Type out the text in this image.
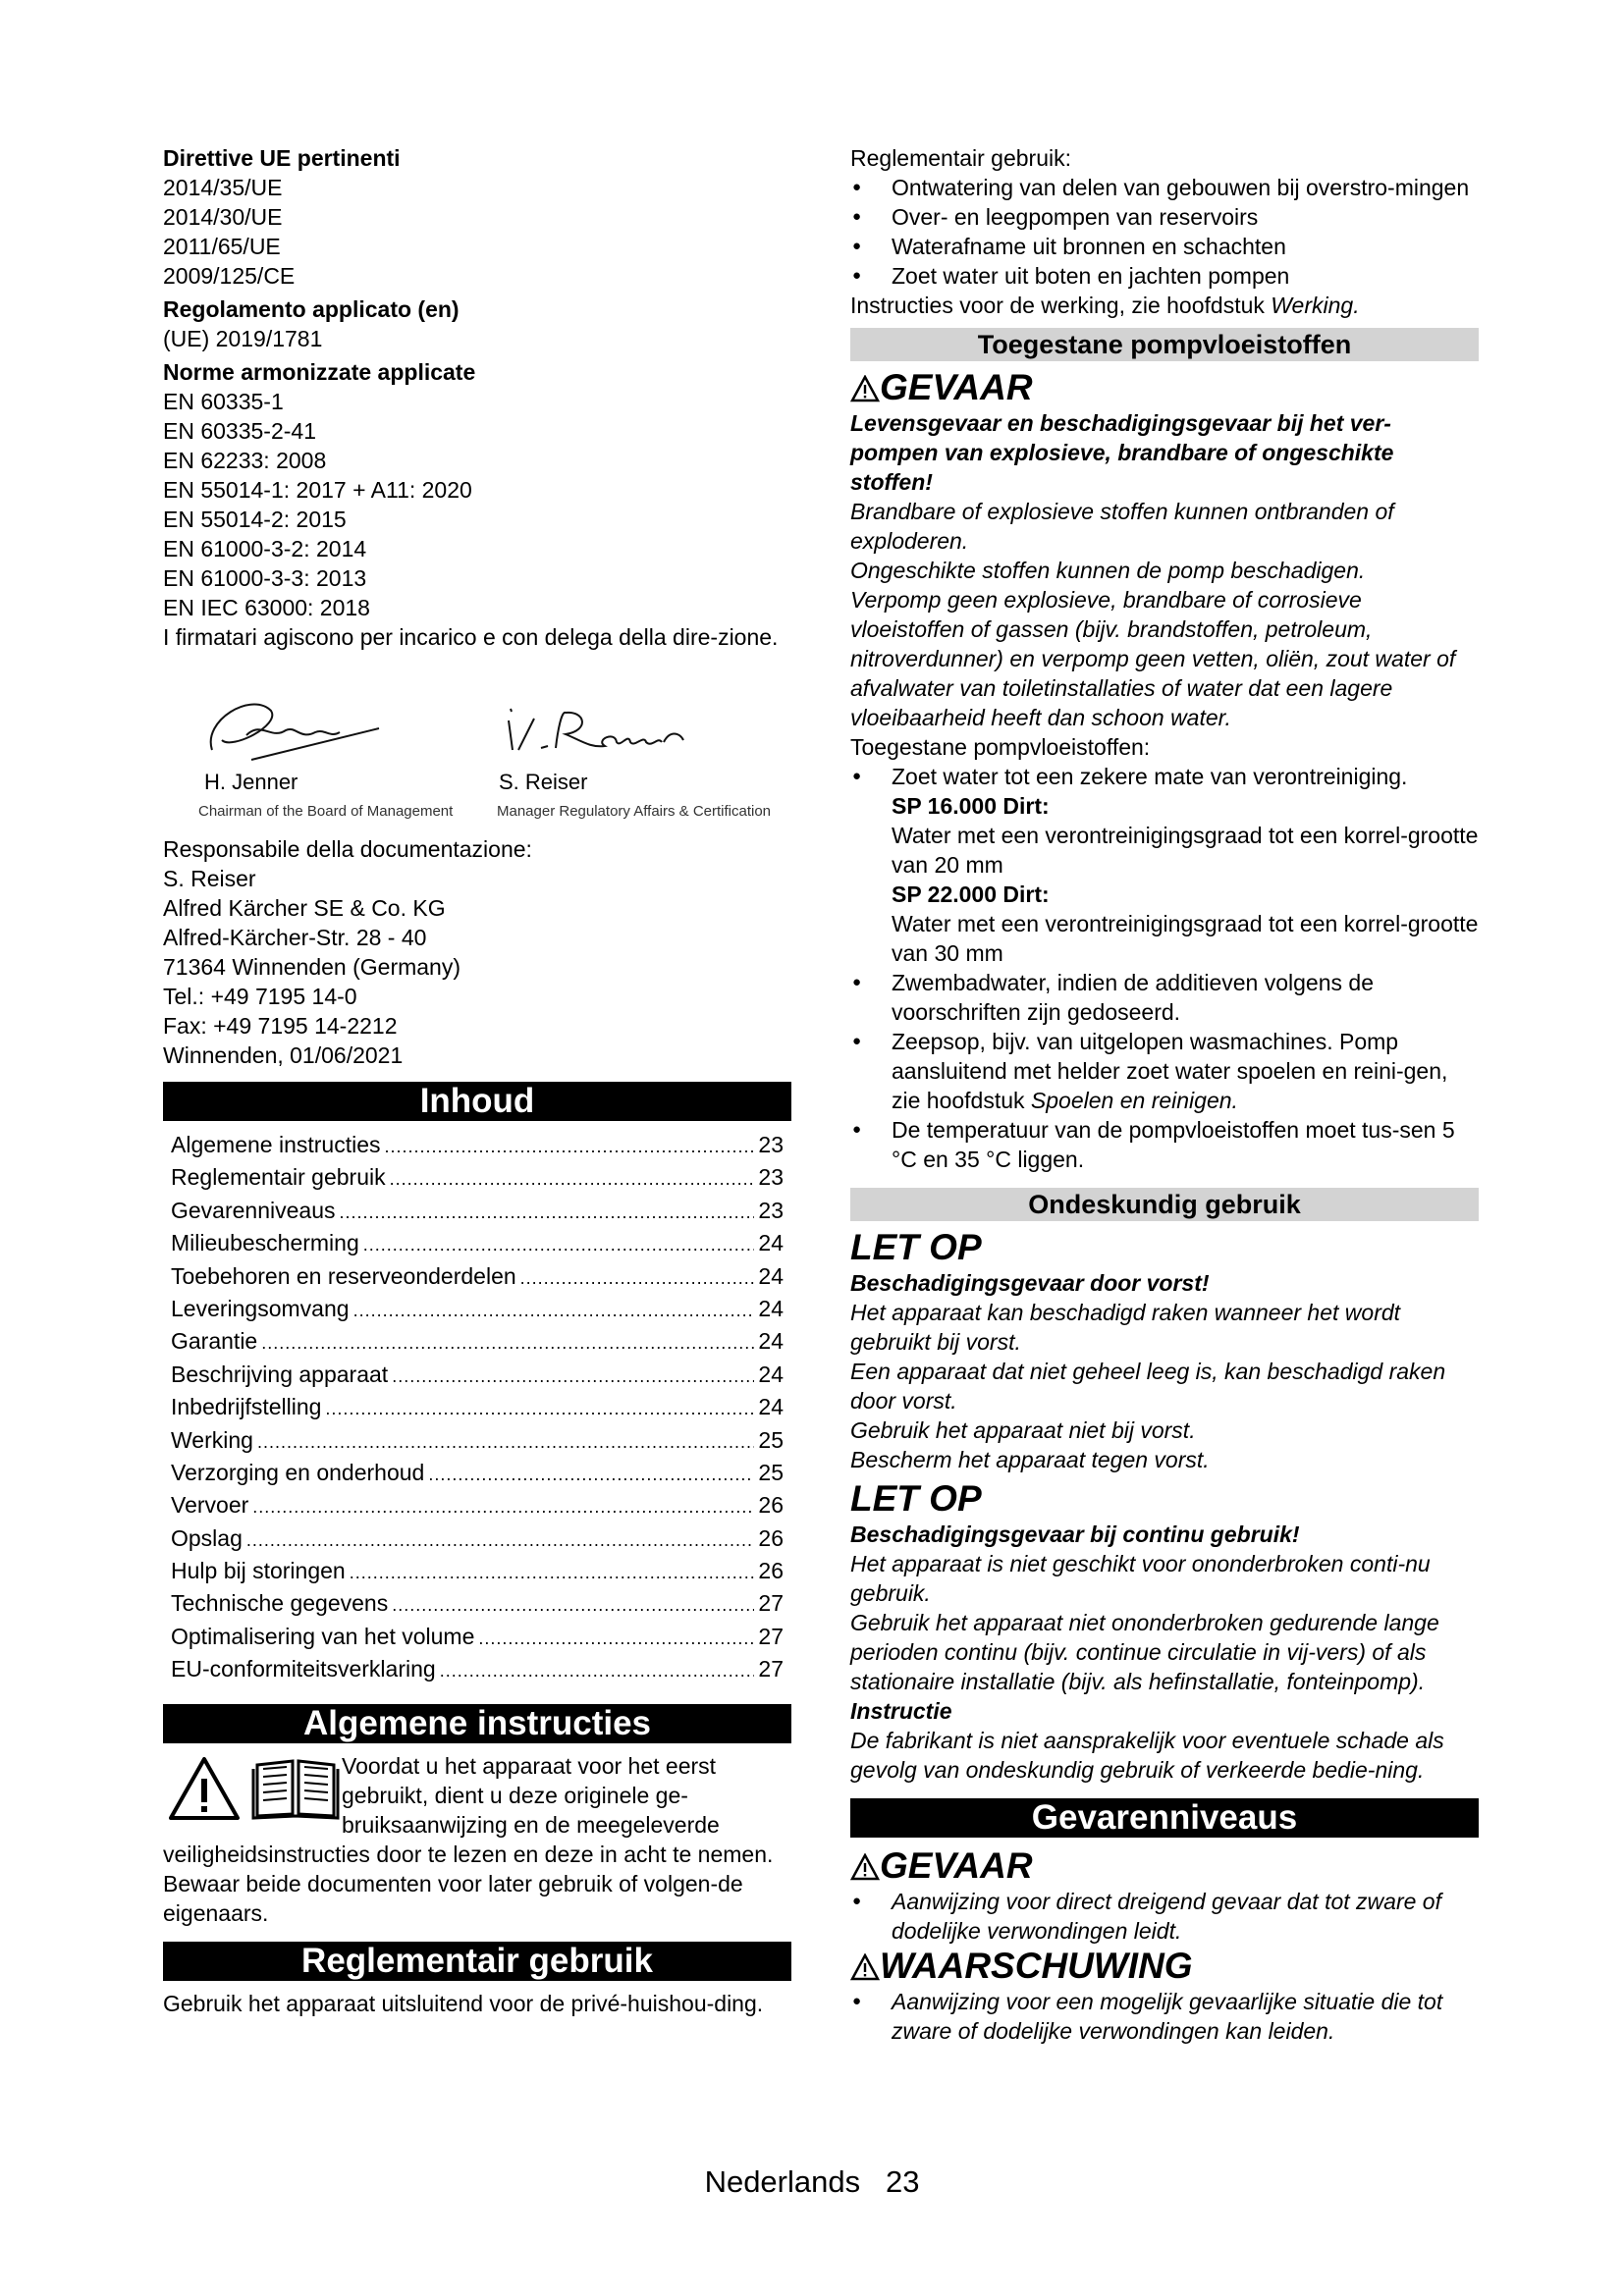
Direttive UE pertinenti

2014/35/UE

2014/30/UE

2011/65/UE

2009/125/CE

Regolamento applicato (en)

(UE) 2019/1781

Norme armonizzate applicate

EN 60335-1

EN 60335-2-41

EN 62233: 2008

EN 55014-1: 2017 + A11: 2020

EN 55014-2: 2015

EN 61000-3-2: 2014

EN 61000-3-3: 2013

EN IEC 63000: 2018

I firmatari agiscono per incarico e con delega della dire-zione.

H. Jenner
Chairman of the Board of Management
S. Reiser
Manager Regulatory Affairs & Certification

Responsabile della documentazione:

S. Reiser

Alfred Kärcher SE & Co. KG

Alfred-Kärcher-Str. 28 - 40

71364 Winnenden (Germany)

Tel.: +49 7195 14-0

Fax: +49 7195 14-2212

Winnenden, 01/06/2021

Inhoud
Algemene instructies .....	23
Reglementair gebruik .....	23
Gevarenniveaus .....	23
Milieubescherming .....	24
Toebehoren en reserveonderdelen .....	24
Leveringsomvang .....	24
Garantie .....	24
Beschrijving apparaat .....	24
Inbedrijfstelling .....	24
Werking .....	25
Verzorging en onderhoud .....	25
Vervoer .....	26
Opslag .....	26
Hulp bij storingen .....	26
Technische gegevens .....	27
Optimalisering van het volume .....	27
EU-conformiteitsverklaring .....	27
Algemene instructies

Voordat u het apparaat voor het eerst gebruikt, dient u deze originele ge-bruiksaanwijzing en de meegeleverde veiligheidsinstructies door te lezen en deze in acht te nemen.

Bewaar beide documenten voor later gebruik of volgen-de eigenaars.

Reglementair gebruik

Gebruik het apparaat uitsluitend voor de privé-huishou-ding.

Reglementair gebruik:

● Ontwatering van delen van gebouwen bij overstro-mingen
● Over- en leegpompen van reservoirs
● Waterafname uit bronnen en schachten
● Zoet water uit boten en jachten pompen

Instructies voor de werking, zie hoofdstuk Werking.

Toegestane pompvloeistoffen
GEVAAR

Levensgevaar en beschadigingsgevaar bij het ver-pompen van explosieve, brandbare of ongeschikte stoffen!

Brandbare of explosieve stoffen kunnen ontbranden of exploderen.

Ongeschikte stoffen kunnen de pomp beschadigen.

Verpomp geen explosieve, brandbare of corrosieve vloeistoffen of gassen (bijv. brandstoffen, petroleum, nitroverdunner) en verpomp geen vetten, oliën, zout water of afvalwater van toiletinstallaties of water dat een lagere vloeibaarheid heeft dan schoon water.

Toegestane pompvloeistoffen:

● Zoet water tot een zekere mate van verontreiniging.
SP 16.000 Dirt:
Water met een verontreinigingsgraad tot een korrel-grootte van 20 mm
SP 22.000 Dirt:
Water met een verontreinigingsgraad tot een korrel-grootte van 30 mm
● Zwembadwater, indien de additieven volgens de voorschriften zijn gedoseerd.
● Zeepsop, bijv. van uitgelopen wasmachines. Pomp aansluitend met helder zoet water spoelen en reini-gen, zie hoofdstuk Spoelen en reinigen.
● De temperatuur van de pompvloeistoffen moet tus-sen 5 °C en 35 °C liggen.
Ondeskundig gebruik
LET OP

Beschadigingsgevaar door vorst!

Het apparaat kan beschadigd raken wanneer het wordt gebruikt bij vorst.

Een apparaat dat niet geheel leeg is, kan beschadigd raken door vorst.

Gebruik het apparaat niet bij vorst.

Bescherm het apparaat tegen vorst.

LET OP

Beschadigingsgevaar bij continu gebruik!

Het apparaat is niet geschikt voor ononderbroken conti-nu gebruik.

Gebruik het apparaat niet ononderbroken gedurende lange perioden continu (bijv. continue circulatie in vij-vers) of als stationaire installatie (bijv. als hefinstallatie, fonteinpomp).

Instructie

De fabrikant is niet aansprakelijk voor eventuele schade als gevolg van ondeskundig gebruik of verkeerde bedie-ning.

Gevarenniveaus
GEVAAR
● Aanwijzing voor direct dreigend gevaar dat tot zware of dodelijke verwondingen leidt.
WAARSCHUWING
● Aanwijzing voor een mogelijk gevaarlijke situatie die tot zware of dodelijke verwondingen kan leiden.
Nederlands 23
